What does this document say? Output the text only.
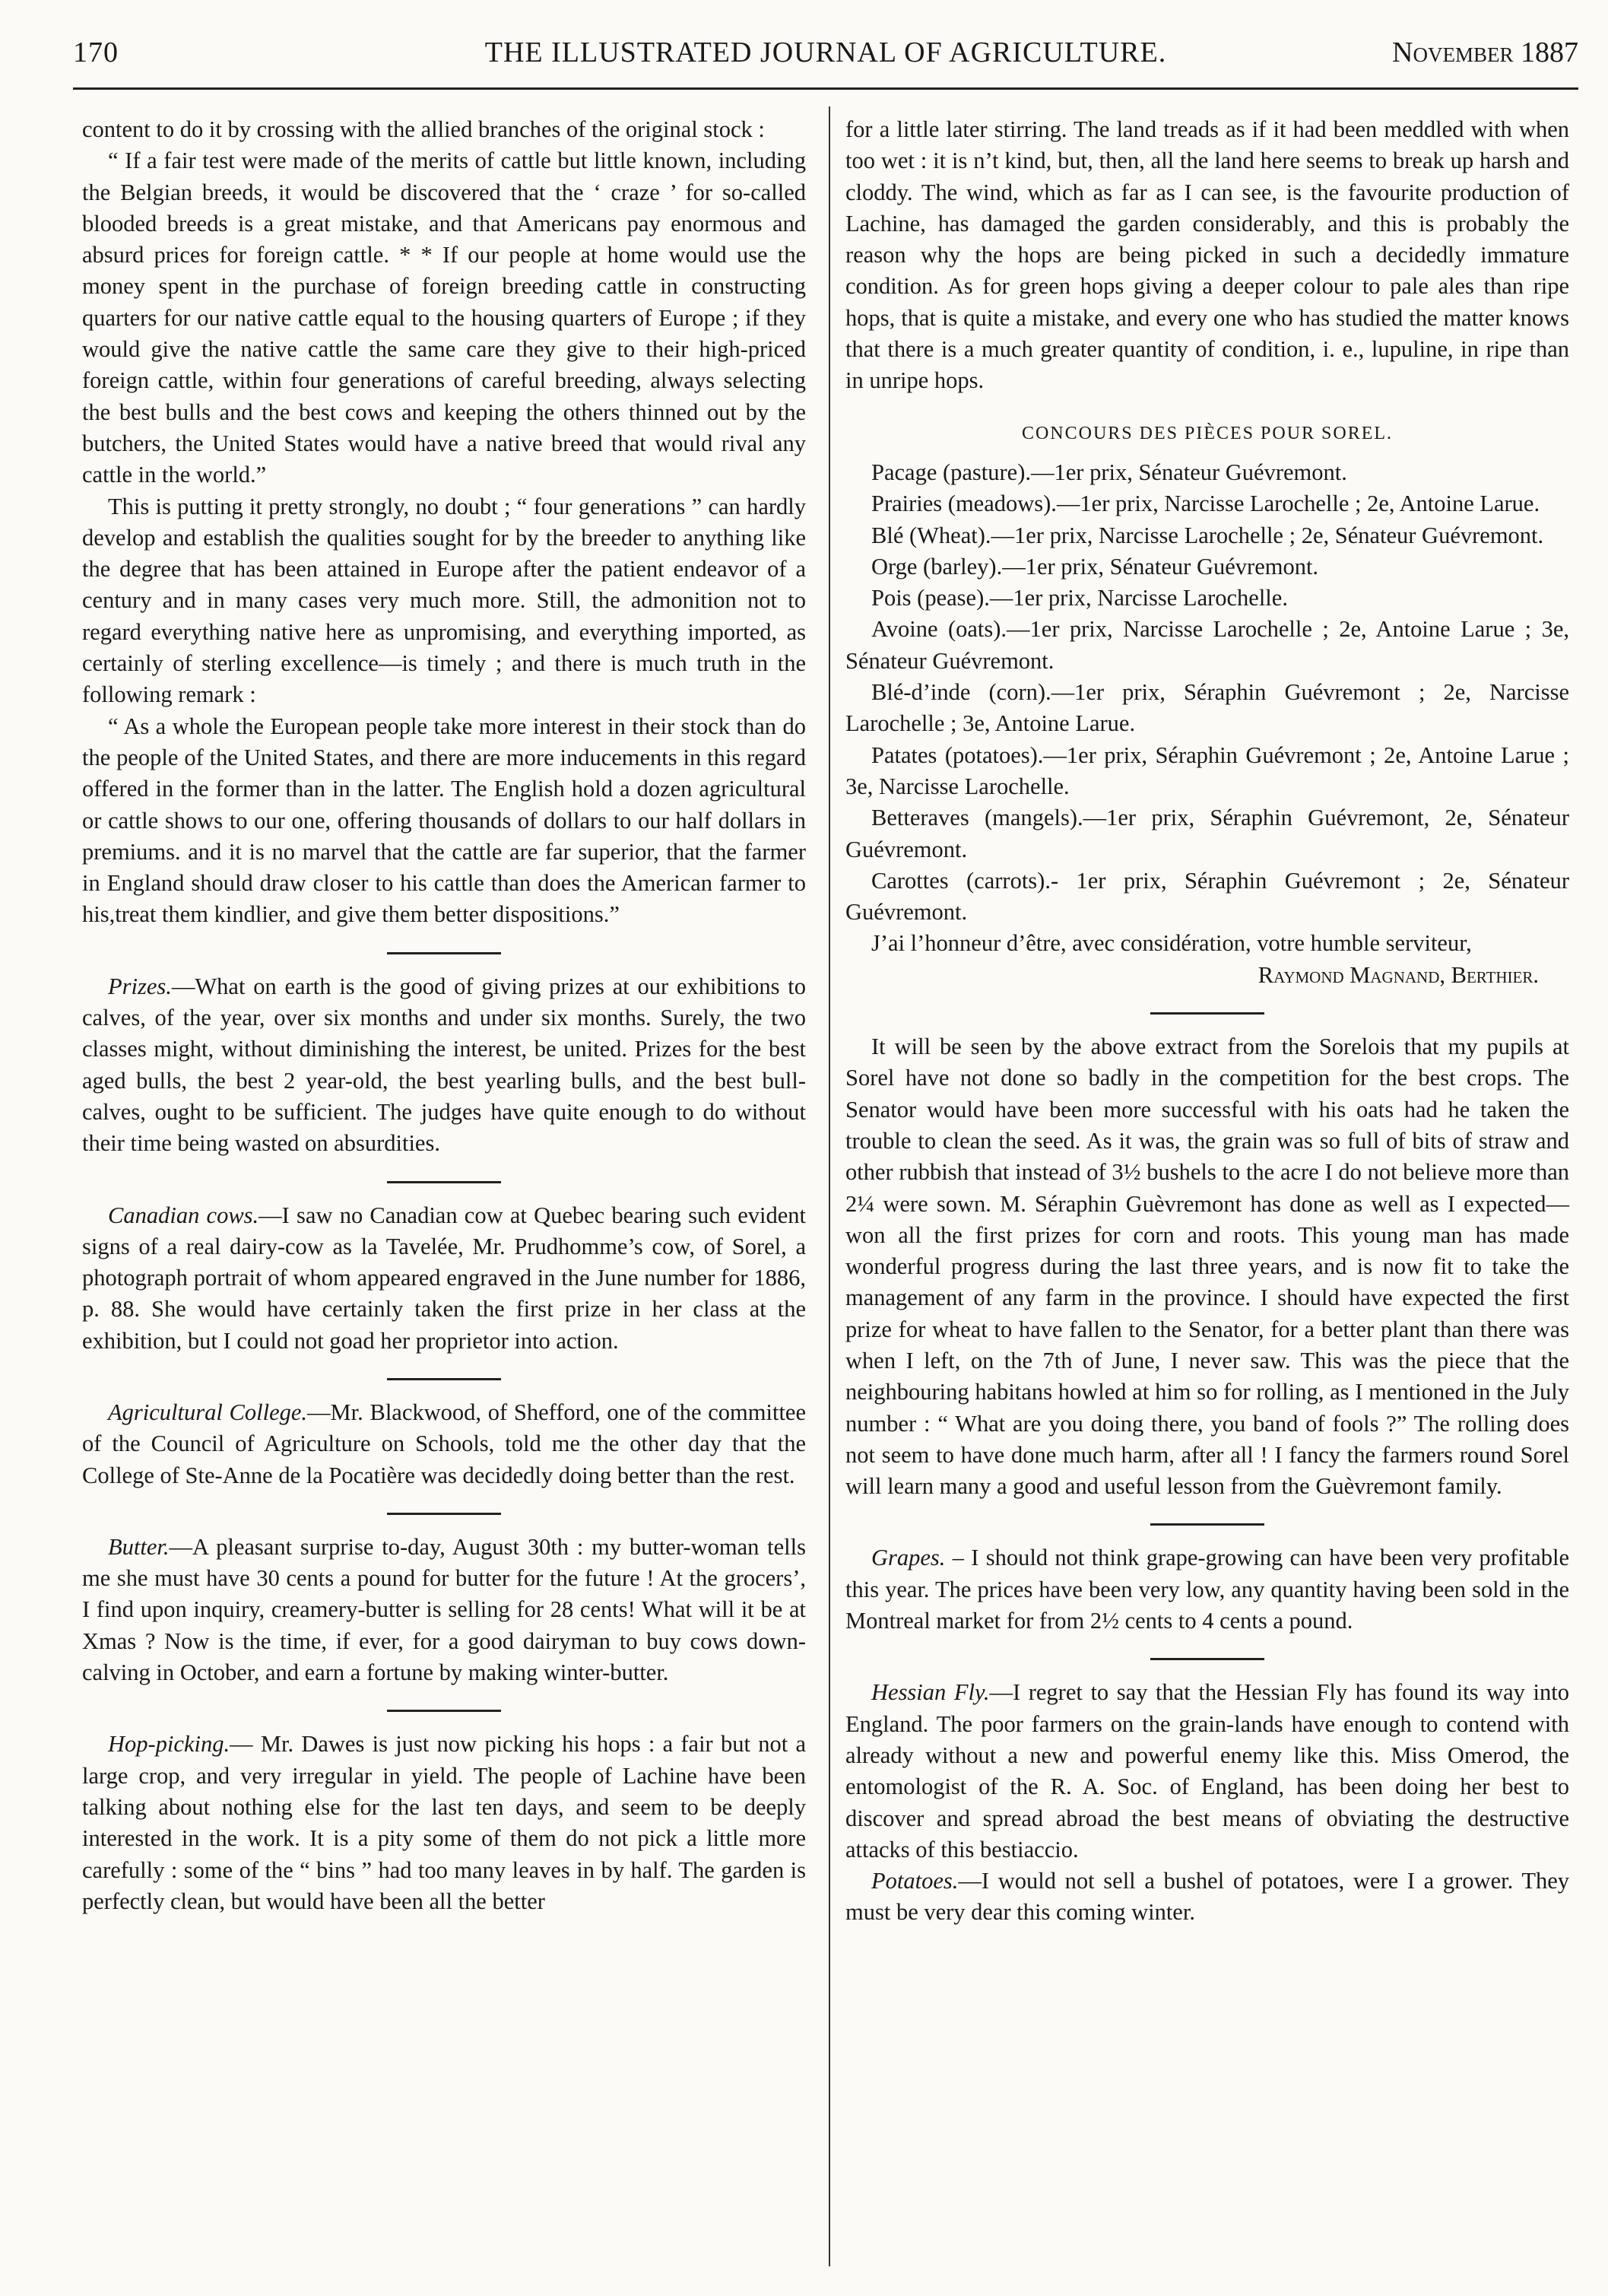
170	THE ILLUSTRATED JOURNAL OF AGRICULTURE.	November 1887

content to do it by crossing with the allied branches of the original stock :

“ If a fair test were made of the merits of cattle but little known, including the Belgian breeds, it would be discovered that the ‘ craze ’ for so-called blooded breeds is a great mistake, and that Americans pay enormous and absurd prices for foreign cattle. * * If our people at home would use the money spent in the purchase of foreign breeding cattle in constructing quarters for our native cattle equal to the housing quarters of Europe ; if they would give the native cattle the same care they give to their high-priced foreign cattle, within four generations of careful breeding, always selecting the best bulls and the best cows and keeping the others thinned out by the butchers, the United States would have a native breed that would rival any cattle in the world.”

This is putting it pretty strongly, no doubt ; “ four generations ” can hardly develop and establish the qualities sought for by the breeder to anything like the degree that has been attained in Europe after the patient endeavor of a century and in many cases very much more. Still, the admonition not to regard everything native here as unpromising, and everything imported, as certainly of sterling excellence—is timely ; and there is much truth in the following remark :

“ As a whole the European people take more interest in their stock than do the people of the United States, and there are more inducements in this regard offered in the former than in the latter. The English hold a dozen agricultural or cattle shows to our one, offering thousands of dollars to our half dollars in premiums. and it is no marvel that the cattle are far superior, that the farmer in England should draw closer to his cattle than does the American farmer to his,treat them kindlier, and give them better dispositions.”

Prizes.—What on earth is the good of giving prizes at our exhibitions to calves, of the year, over six months and under six months. Surely, the two classes might, without diminishing the interest, be united. Prizes for the best aged bulls, the best 2 year-old, the best yearling bulls, and the best bull-calves, ought to be sufficient. The judges have quite enough to do without their time being wasted on absurdities.

Canadian cows.—I saw no Canadian cow at Quebec bearing such evident signs of a real dairy-cow as la Tavelée, Mr. Prudhomme’s cow, of Sorel, a photograph portrait of whom appeared engraved in the June number for 1886, p. 88. She would have certainly taken the first prize in her class at the exhibition, but I could not goad her proprietor into action.

Agricultural College.—Mr. Blackwood, of Shefford, one of the committee of the Council of Agriculture on Schools, told me the other day that the College of Ste-Anne de la Pocatière was decidedly doing better than the rest.

Butter.—A pleasant surprise to-day, August 30th : my butter-woman tells me she must have 30 cents a pound for butter for the future ! At the grocers’, I find upon inquiry, creamery-butter is selling for 28 cents! What will it be at Xmas ? Now is the time, if ever, for a good dairyman to buy cows down-calving in October, and earn a fortune by making winter-butter.

Hop-picking.— Mr. Dawes is just now picking his hops : a fair but not a large crop, and very irregular in yield. The people of Lachine have been talking about nothing else for the last ten days, and seem to be deeply interested in the work. It is a pity some of them do not pick a little more carefully : some of the “ bins ” had too many leaves in by half. The garden is perfectly clean, but would have been all the better

for a little later stirring. The land treads as if it had been meddled with when too wet : it is n’t kind, but, then, all the land here seems to break up harsh and cloddy. The wind, which as far as I can see, is the favourite production of Lachine, has damaged the garden considerably, and this is probably the reason why the hops are being picked in such a decidedly immature condition. As for green hops giving a deeper colour to pale ales than ripe hops, that is quite a mistake, and every one who has studied the matter knows that there is a much greater quantity of condition, i. e., lupuline, in ripe than in unripe hops.

CONCOURS DES PIÈCES POUR SOREL.

Pacage (pasture).—1er prix, Sénateur Guévremont.

Prairies (meadows).—1er prix, Narcisse Larochelle ; 2e, Antoine Larue.

Blé (Wheat).—1er prix, Narcisse Larochelle ; 2e, Sénateur Guévremont.

Orge (barley).—1er prix, Sénateur Guévremont.

Pois (pease).—1er prix, Narcisse Larochelle.

Avoine (oats).—1er prix, Narcisse Larochelle ; 2e, Antoine Larue ; 3e, Sénateur Guévremont.

Blé-d’inde (corn).—1er prix, Séraphin Guévremont ; 2e, Narcisse Larochelle ; 3e, Antoine Larue.

Patates (potatoes).—1er prix, Séraphin Guévremont ; 2e, Antoine Larue ; 3e, Narcisse Larochelle.

Betteraves (mangels).—1er prix, Séraphin Guévremont, 2e, Sénateur Guévremont.

Carottes (carrots).- 1er prix, Séraphin Guévremont ; 2e, Sénateur Guévremont.

J’ai l’honneur d’être, avec considération, votre humble serviteur,

Raymond Magnand, Berthier.

It will be seen by the above extract from the Sorelois that my pupils at Sorel have not done so badly in the competition for the best crops. The Senator would have been more successful with his oats had he taken the trouble to clean the seed. As it was, the grain was so full of bits of straw and other rubbish that instead of 3½ bushels to the acre I do not believe more than 2¼ were sown. M. Séraphin Guèvremont has done as well as I expected—won all the first prizes for corn and roots. This young man has made wonderful progress during the last three years, and is now fit to take the management of any farm in the province. I should have expected the first prize for wheat to have fallen to the Senator, for a better plant than there was when I left, on the 7th of June, I never saw. This was the piece that the neighbouring habitans howled at him so for rolling, as I mentioned in the July number : “ What are you doing there, you band of fools ?” The rolling does not seem to have done much harm, after all ! I fancy the farmers round Sorel will learn many a good and useful lesson from the Guèvremont family.

Grapes. – I should not think grape-growing can have been very profitable this year. The prices have been very low, any quantity having been sold in the Montreal market for from 2½ cents to 4 cents a pound.

Hessian Fly.—I regret to say that the Hessian Fly has found its way into England. The poor farmers on the grain-lands have enough to contend with already without a new and powerful enemy like this. Miss Omerod, the entomologist of the R. A. Soc. of England, has been doing her best to discover and spread abroad the best means of obviating the destructive attacks of this bestiaccio.

Potatoes.—I would not sell a bushel of potatoes, were I a grower. They must be very dear this coming winter.
